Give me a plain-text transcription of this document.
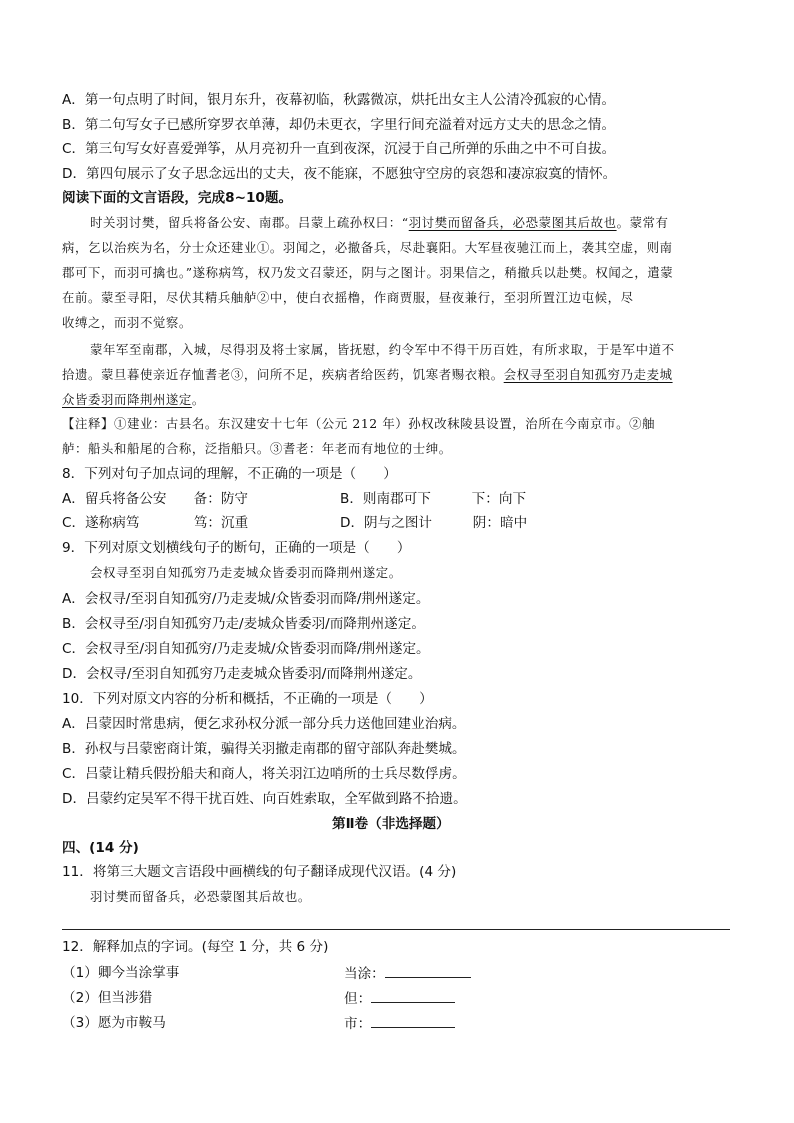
A．第一句点明了时间，银月东升，夜幕初临，秋露微凉，烘托出女主人公清冷孤寂的心情。
B．第二句写女子已感所穿罗衣单薄，却仍未更衣，字里行间充溢着对远方丈夫的思念之情。
C．第三句写女好喜爱弹筝，从月亮初升一直到夜深，沉浸于自己所弹的乐曲之中不可自拔。
D．第四句展示了女子思念远出的丈夫，夜不能寐，不愿独守空房的哀怨和凄凉寂寞的情怀。
阅读下面的文言语段，完成8~10题。
时关羽讨樊，留兵将备公安、南郡。吕蒙上疏孙权曰：“羽讨樊而留备兵，必恐蒙图其后故也。蒙常有
病，乞以治疾为名，分士众还建业①。羽闻之，必撤备兵，尽赴襄阳。大军昼夜驰江而上，袭其空虚，则南
郡可下，而羽可擒也。”遂称病笃，权乃发文召蒙还，阴与之图计。羽果信之，稍撤兵以赴樊。权闻之，遣蒙
在前。蒙至寻阳，尽伏其精兵舳舻②中，使白衣摇橹，作商贾服，昼夜兼行，至羽所置江边屯候，尽
收缚之，而羽不觉察。
蒙年军至南郡，入城，尽得羽及将士家属，皆抚慰，约令军中不得干历百姓，有所求取，于是军中道不
拾遗。蒙旦暮使亲近存恤耆老③，问所不足，疾病者给医药，饥寒者赐衣粮。会权寻至羽自知孤穷乃走麦城
众皆委羽而降荆州遂定。
【注释】①建业：古县名。东汉建安十七年（公元 212 年）孙权改秣陵县设置，治所在今南京市。②舳
舻：船头和船尾的合称，泛指船只。③耆老：年老而有地位的士绅。
8．下列对句子加点词的理解，不正确的一项是（　　）
A．留兵将备公安　　备：防守	B．则南郡可下　　　下：向下
C．遂称病笃　　　　笃：沉重	D．阴与之图计　　　阴：暗中
9．下列对原文划横线句子的断句，正确的一项是（　　）
会权寻至羽自知孤穷乃走麦城众皆委羽而降荆州遂定。
A．会权寻/至羽自知孤穷/乃走麦城/众皆委羽而降/荆州遂定。
B．会权寻至/羽自知孤穷乃走/麦城众皆委羽/而降荆州遂定。
C．会权寻至/羽自知孤穷/乃走麦城/众皆委羽而降/荆州遂定。
D．会权寻/至羽自知孤穷乃走麦城众皆委羽/而降荆州遂定。
10．下列对原文内容的分析和概括，不正确的一项是（　　）
A．吕蒙因时常患病，便乞求孙权分派一部分兵力送他回建业治病。
B．孙权与吕蒙密商计策，骗得关羽撤走南郡的留守部队奔赴樊城。
C．吕蒙让精兵假扮船夫和商人，将关羽江边哨所的士兵尽数俘虏。
D．吕蒙约定吴军不得干扰百姓、向百姓索取，全军做到路不拾遗。
第Ⅱ卷（非选择题）
四、(14 分)
11．将第三大题文言语段中画横线的句子翻译成现代汉语。(4 分)
羽讨樊而留备兵，必恐蒙图其后故也。
12．解释加点的字词。(每空 1 分，共 6 分)
（1）卿今当涂掌事	当涂：
（2）但当涉猎	但：
（3）愿为市鞍马	市：
